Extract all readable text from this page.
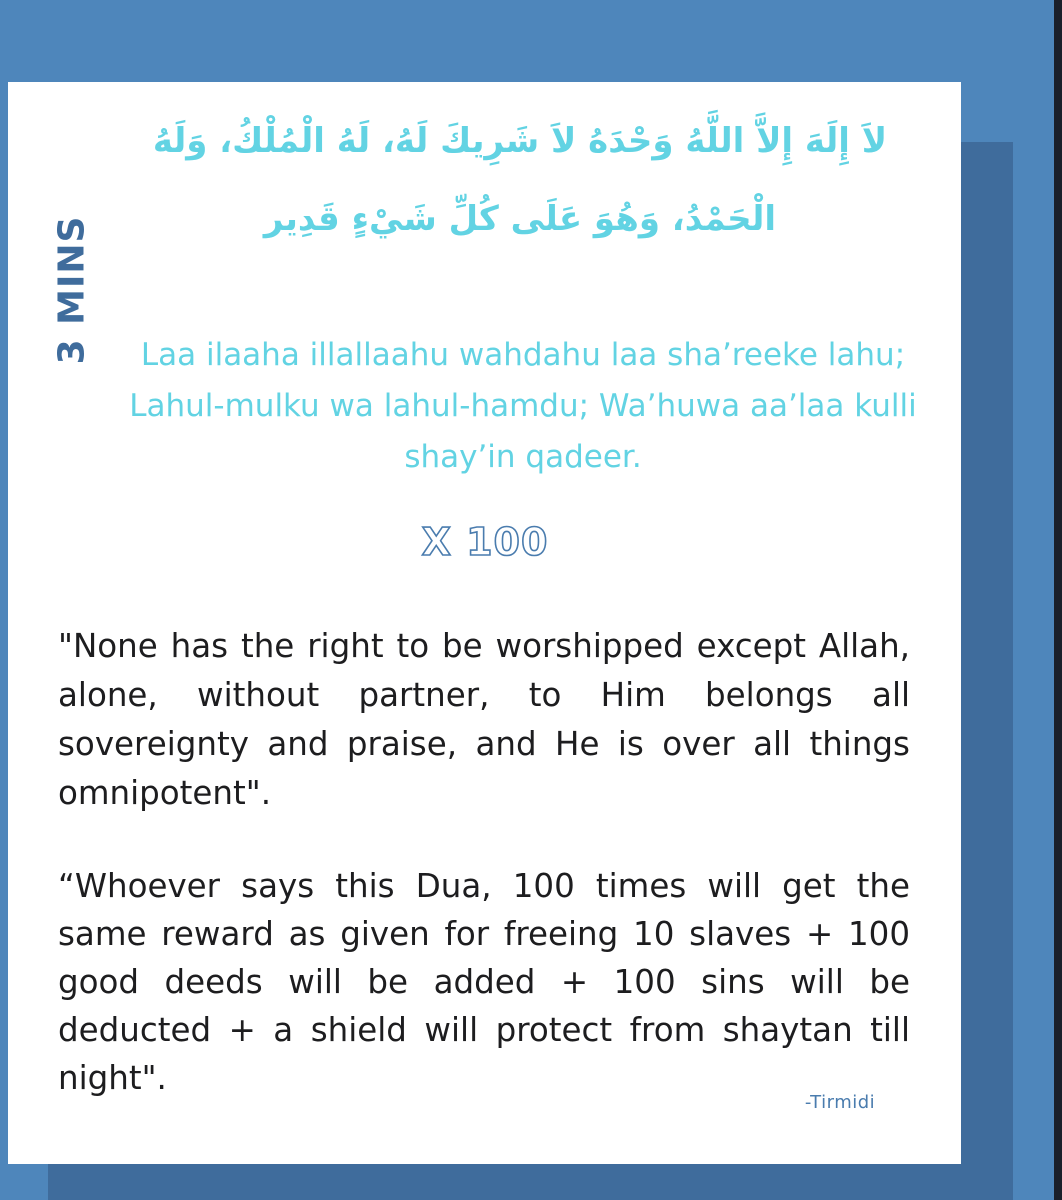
3 MINS
لاَ إِلَهَ إِلاَّ اللَّهُ وَحْدَهُ لاَ شَرِيكَ لَهُ، لَهُ الْمُلْكُ، وَلَهُ الْحَمْدُ، وَهُوَ عَلَى كُلِّ شَيْءٍ قَدِير
Laa ilaaha illallaahu wahdahu laa sha’reeke lahu; Lahul-mulku wa lahul-hamdu; Wa’huwa aa’laa kulli shay’in qadeer.
X 100
"None has the right to be worshipped except Allah, alone, without partner, to Him belongs all sovereignty and praise, and He is over all things omnipotent".
“Whoever says this Dua, 100 times will get the same reward as given for freeing 10 slaves + 100 good deeds will be added + 100 sins will be deducted + a shield will protect from shaytan till night".
-Tirmidi
